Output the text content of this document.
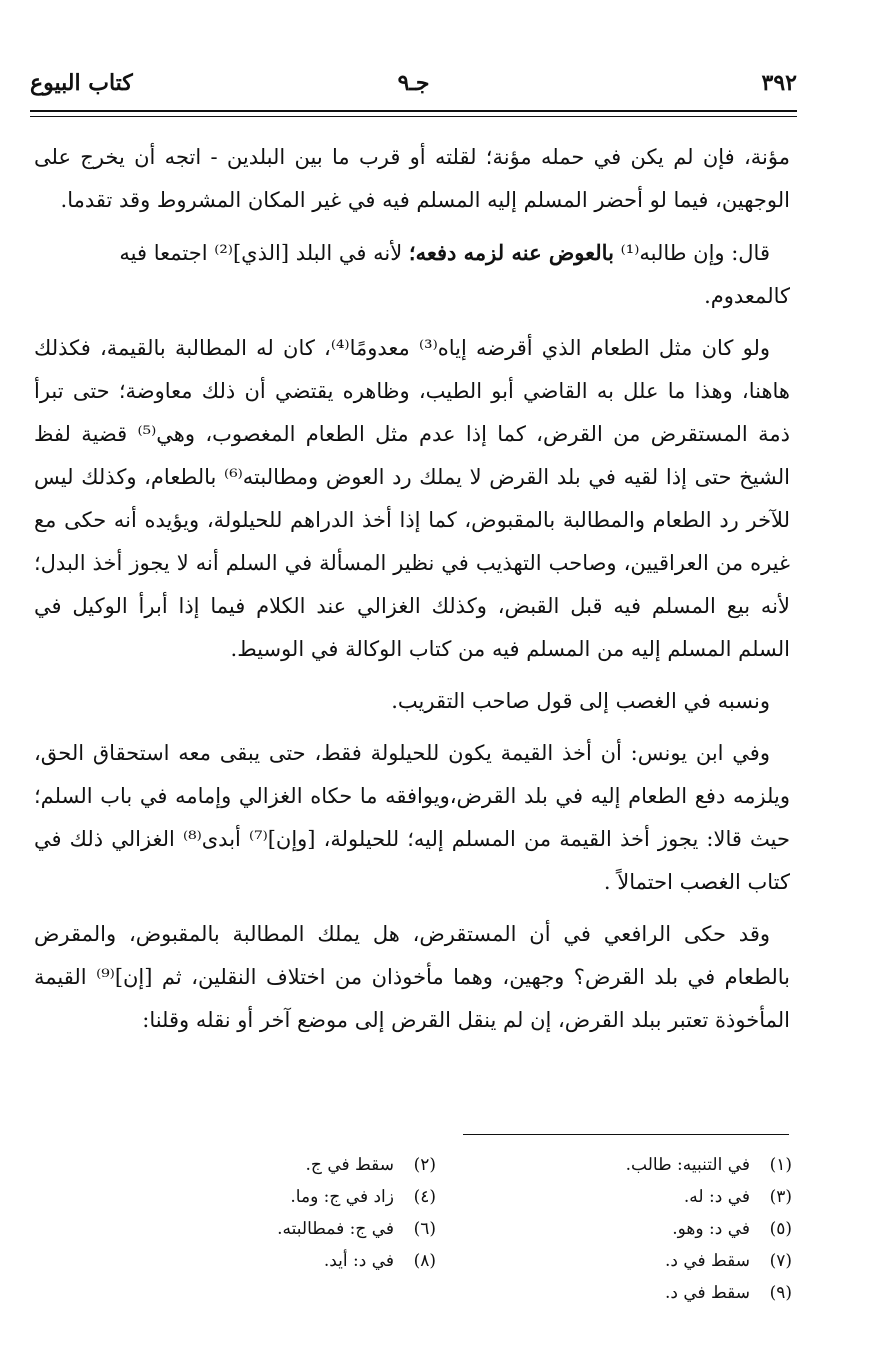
٣٩٢
جـ٩
كتاب البيوع

مؤنة، فإن لم يكن في حمله مؤنة؛ لقلته أو قرب ما بين البلدين - اتجه أن يخرج على الوجهين، فيما لو أحضر المسلم إليه المسلم فيه في غير المكان المشروط وقد تقدما.

قال: وإن طالبه⁽¹⁾ بالعوض عنه لزمه دفعه؛ لأنه في البلد [الذي]⁽²⁾ اجتمعا فيه

كالمعدوم.

ولو كان مثل الطعام الذي أقرضه إياه⁽³⁾ معدومًا⁽⁴⁾، كان له المطالبة بالقيمة، فكذلك هاهنا، وهذا ما علل به القاضي أبو الطيب، وظاهره يقتضي أن ذلك معاوضة؛ حتى تبرأ ذمة المستقرض من القرض، كما إذا عدم مثل الطعام المغصوب، وهي⁽⁵⁾ قضية لفظ الشيخ حتى إذا لقيه في بلد القرض لا يملك رد العوض ومطالبته⁽⁶⁾ بالطعام، وكذلك ليس للآخر رد الطعام والمطالبة بالمقبوض، كما إذا أخذ الدراهم للحيلولة، ويؤيده أنه حكى مع غيره من العراقيين، وصاحب التهذيب في نظير المسألة في السلم أنه لا يجوز أخذ البدل؛ لأنه بيع المسلم فيه قبل القبض، وكذلك الغزالي عند الكلام فيما إذا أبرأ الوكيل في السلم المسلم إليه من المسلم فيه من كتاب الوكالة في الوسيط.

ونسبه في الغصب إلى قول صاحب التقريب.

وفي ابن يونس: أن أخذ القيمة يكون للحيلولة فقط، حتى يبقى معه استحقاق الحق، ويلزمه دفع الطعام إليه في بلد القرض،ويوافقه ما حكاه الغزالي وإمامه في باب السلم؛ حيث قالا: يجوز أخذ القيمة من المسلم إليه؛ للحيلولة، [وإن]⁽⁷⁾ أبدى⁽⁸⁾ الغزالي ذلك في كتاب الغصب احتمالاً .

وقد حكى الرافعي في أن المستقرض، هل يملك المطالبة بالمقبوض، والمقرض بالطعام في بلد القرض؟ وجهين، وهما مأخوذان من اختلاف النقلين، ثم [إن]⁽⁹⁾ القيمة المأخوذة تعتبر ببلد القرض، إن لم ينقل القرض إلى موضع آخر أو نقله وقلنا:

(١)في التنبيه: طالب.
(٢)سقط في ج.
(٣)في د: له.
(٤)زاد في ج: وما.
(٥)في د: وهو.
(٦)في ج: فمطالبته.
(٧)سقط في د.
(٨)في د: أيد.
(٩)سقط في د.
